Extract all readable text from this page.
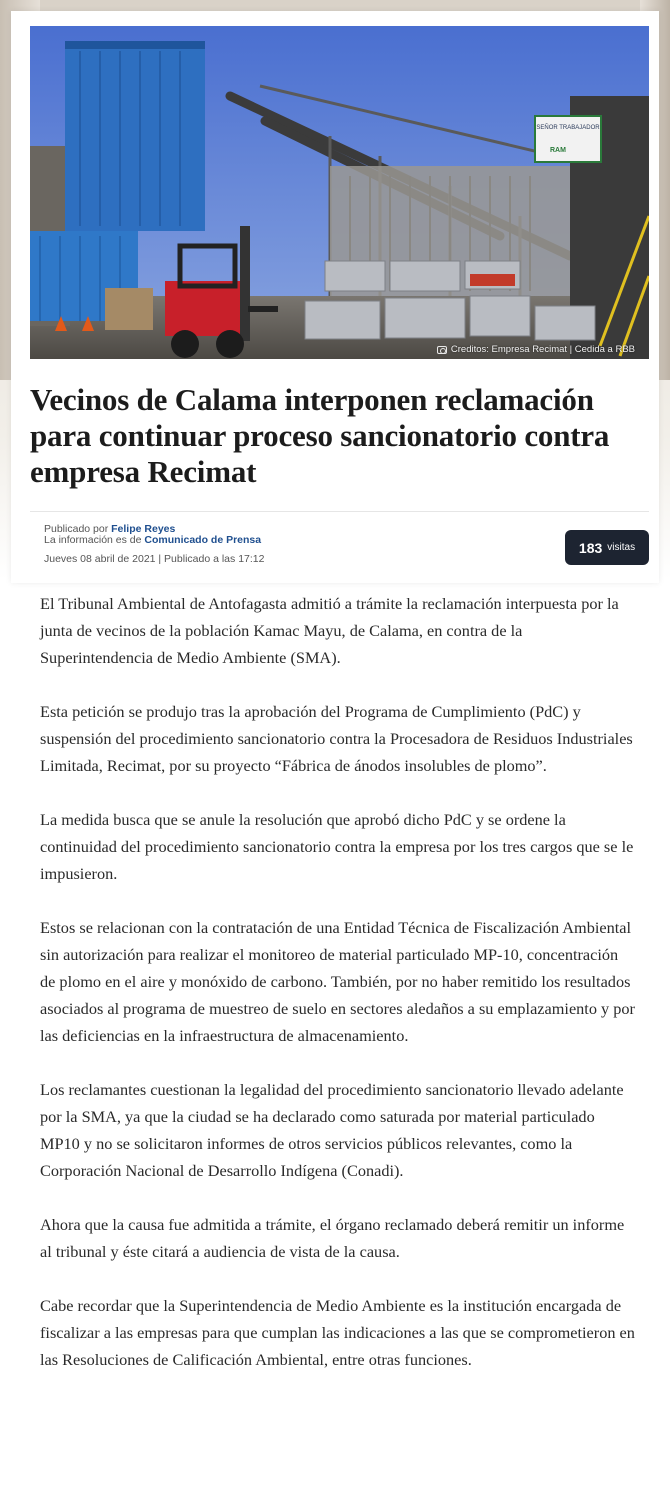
SEÑOR TRABAJADOR
RAM
Creditos: Empresa Recimat | Cedida a RBB
Vecinos de Calama interponen reclamación para continuar proceso sancionatorio contra empresa Recimat
Publicado por Felipe Reyes
La información es de Comunicado de Prensa
Jueves 08 abril de 2021 | Publicado a las 17:12
183 visitas

El Tribunal Ambiental de Antofagasta admitió a trámite la reclamación interpuesta por la junta de vecinos de la población Kamac Mayu, de Calama, en contra de la Superintendencia de Medio Ambiente (SMA).

Esta petición se produjo tras la aprobación del Programa de Cumplimiento (PdC) y suspensión del procedimiento sancionatorio contra la Procesadora de Residuos Industriales Limitada, Recimat, por su proyecto “Fábrica de ánodos insolubles de plomo”.

La medida busca que se anule la resolución que aprobó dicho PdC y se ordene la continuidad del procedimiento sancionatorio contra la empresa por los tres cargos que se le impusieron.

Estos se relacionan con la contratación de una Entidad Técnica de Fiscalización Ambiental sin autorización para realizar el monitoreo de material particulado MP-10, concentración de plomo en el aire y monóxido de carbono. También, por no haber remitido los resultados asociados al programa de muestreo de suelo en sectores aledaños a su emplazamiento y por las deficiencias en la infraestructura de almacenamiento.

Los reclamantes cuestionan la legalidad del procedimiento sancionatorio llevado adelante por la SMA, ya que la ciudad se ha declarado como saturada por material particulado MP10 y no se solicitaron informes de otros servicios públicos relevantes, como la Corporación Nacional de Desarrollo Indígena (Conadi).

Ahora que la causa fue admitida a trámite, el órgano reclamado deberá remitir un informe al tribunal y éste citará a audiencia de vista de la causa.

Cabe recordar que la Superintendencia de Medio Ambiente es la institución encargada de fiscalizar a las empresas para que cumplan las indicaciones a las que se comprometieron en las Resoluciones de Calificación Ambiental, entre otras funciones.
